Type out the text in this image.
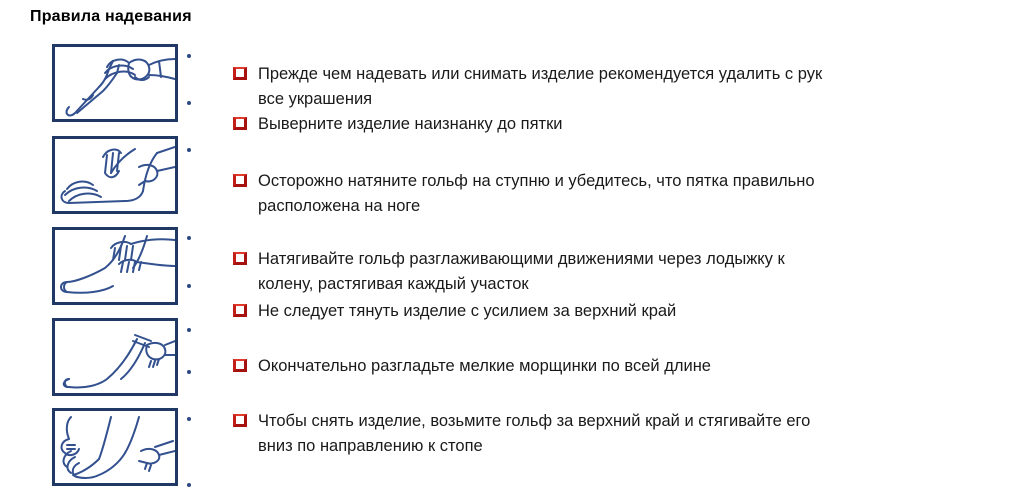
Правила надевания
Прежде чем надевать или снимать изделие рекомендуется удалить с рук
все украшения
Выверните изделие наизнанку до пятки
Осторожно натяните гольф на ступню и убедитесь, что пятка правильно
расположена на ноге
Натягивайте гольф разглаживающими движениями через лодыжку к
колену, растягивая каждый участок
Не следует тянуть изделие с усилием за верхний край
Окончательно разгладьте мелкие морщинки по всей длине
Чтобы снять изделие, возьмите гольф за верхний край и стягивайте его
вниз по направлению к стопе
